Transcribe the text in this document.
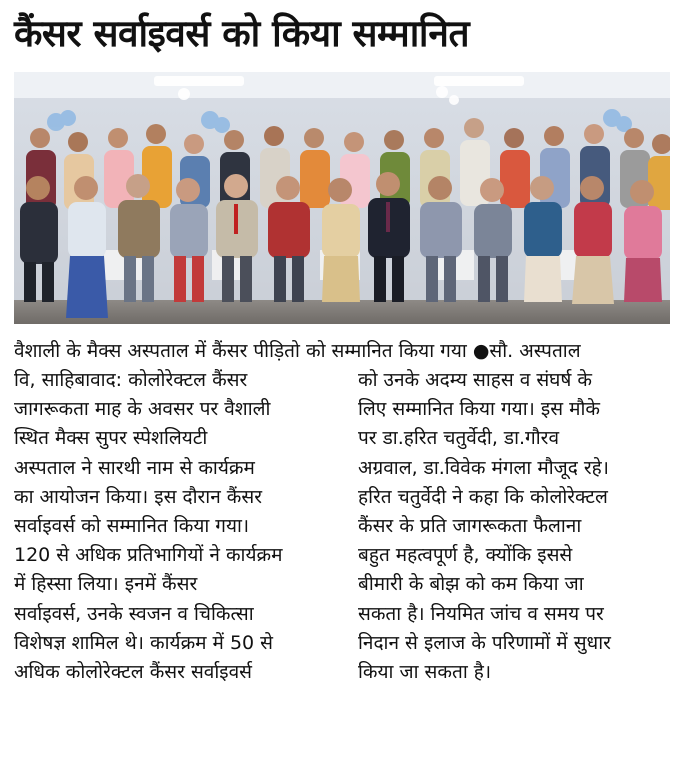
कैंसर सर्वाइवर्स को किया सम्मानित
वैशाली के मैक्स अस्पताल में कैंसर पीड़ितो को सम्मानित किया गया ●सौ. अस्पताल
वि, साहिबावाद: कोलोरेक्टल कैंसर
जागरूकता माह के अवसर पर वैशाली
स्थित मैक्स सुपर स्पेशलियटी
अस्पताल ने सारथी नाम से कार्यक्रम
का आयोजन किया। इस दौरान कैंसर
सर्वाइवर्स को सम्मानित किया गया।
120 से अधिक प्रतिभागियों ने कार्यक्रम
में हिस्सा लिया। इनमें कैंसर
सर्वाइवर्स, उनके स्वजन व चिकित्सा
विशेषज्ञ शामिल थे। कार्यक्रम में 50 से
अधिक कोलोरेक्टल कैंसर सर्वाइवर्स
को उनके अदम्य साहस व संघर्ष के
लिए सम्मानित किया गया। इस मौके
पर डा.हरित चतुर्वेदी, डा.गौरव
अग्रवाल, डा.विवेक मंगला मौजूद रहे।
हरित चतुर्वेदी ने कहा कि कोलोरेक्टल
कैंसर के प्रति जागरूकता फैलाना
बहुत महत्वपूर्ण है, क्योंकि इससे
बीमारी के बोझ को कम किया जा
सकता है। नियमित जांच व समय पर
निदान से इलाज के परिणामों में सुधार
किया जा सकता है।
